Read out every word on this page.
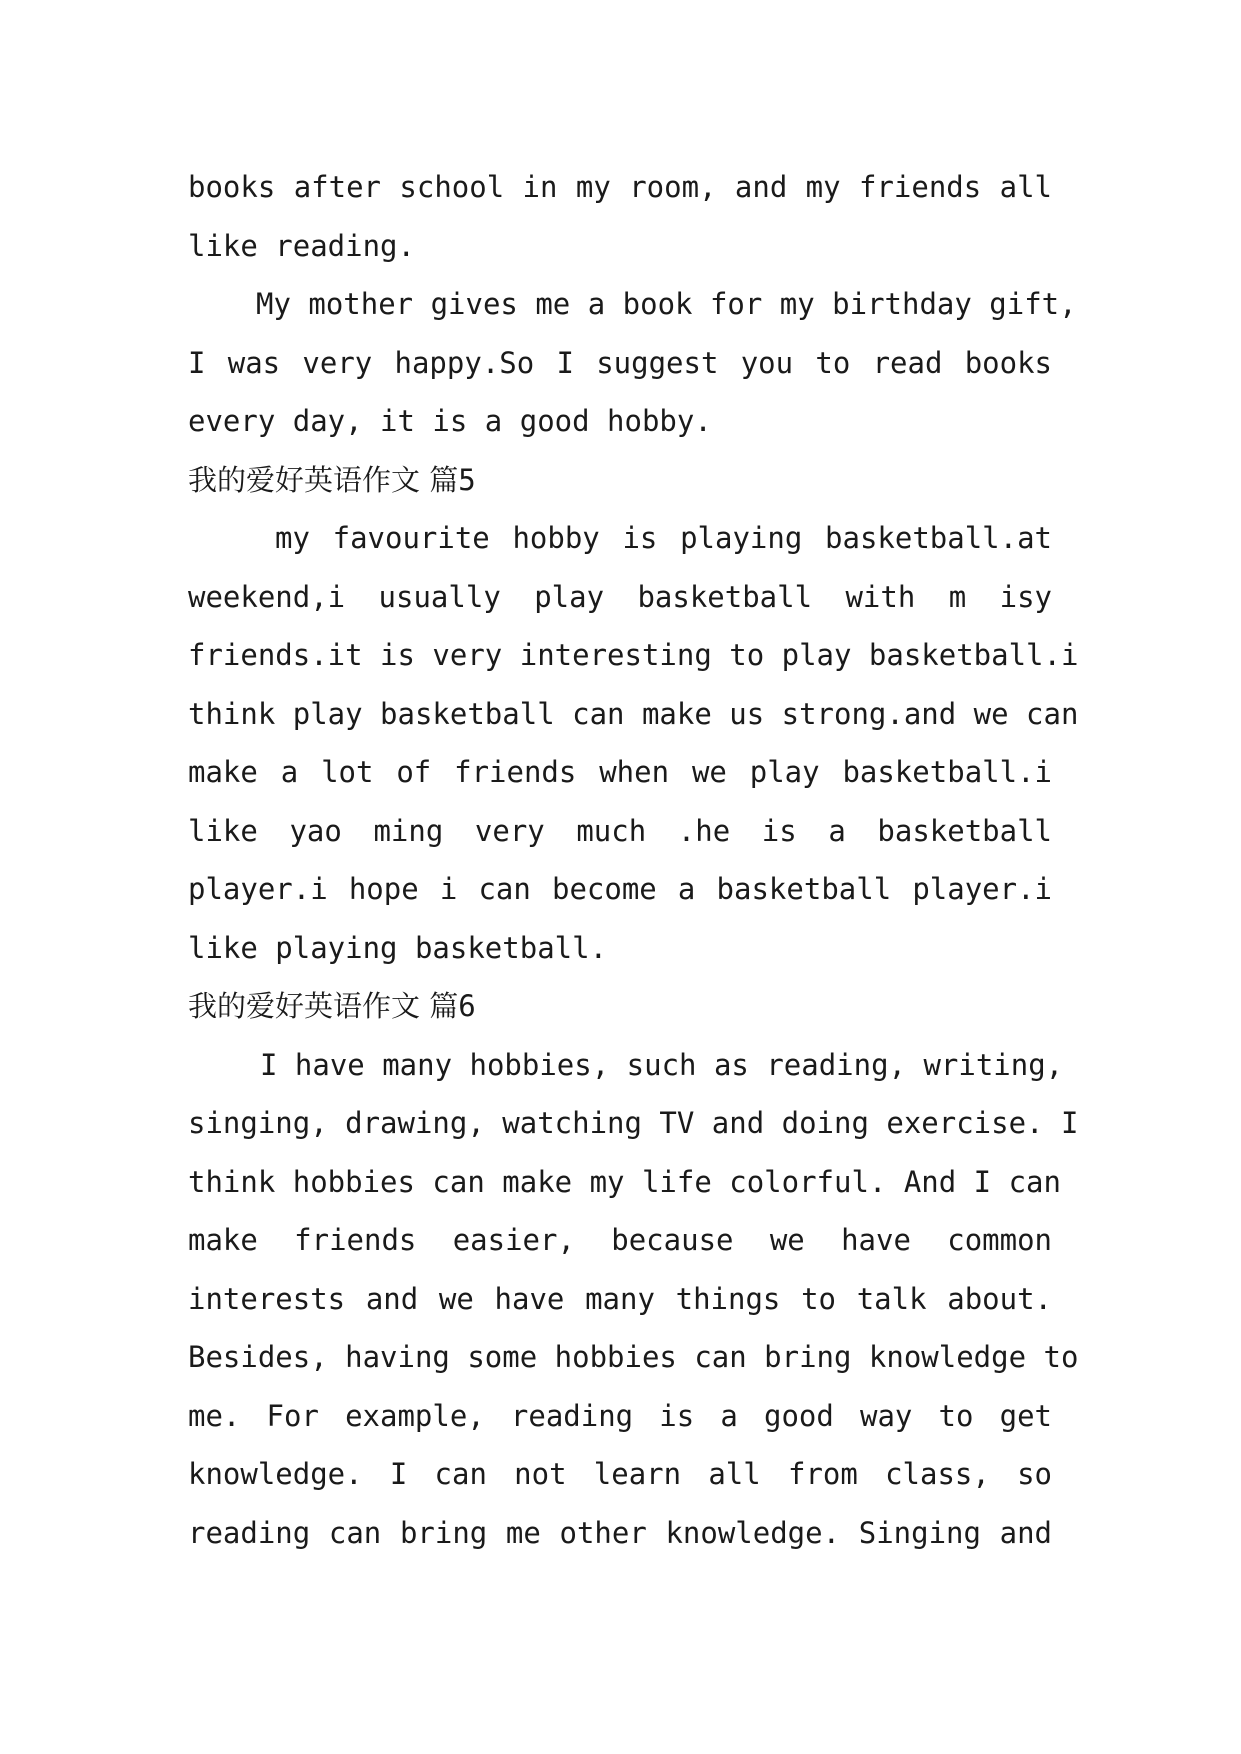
books after school in my room, and my friends all
like reading.
My mother gives me a book for my birthday gift,
I was very happy.So I suggest you to read books
every day, it is a good hobby.
我的爱好英语作文 篇5
my favourite hobby is playing basketball.at
weekend,i usually play basketball with m isy
friends.it is very interesting to play basketball.i
think play basketball can make us strong.and we can
make a lot of friends when we play basketball.i
like yao ming very much .he is a basketball
player.i hope i can become a basketball player.i
like playing basketball.
我的爱好英语作文 篇6
I have many hobbies, such as reading, writing,
singing, drawing, watching TV and doing exercise. I
think hobbies can make my life colorful. And I can
make friends easier, because we have common
interests and we have many things to talk about.
Besides, having some hobbies can bring knowledge to
me. For example, reading is a good way to get
knowledge. I can not learn all from class, so
reading can bring me other knowledge. Singing and
